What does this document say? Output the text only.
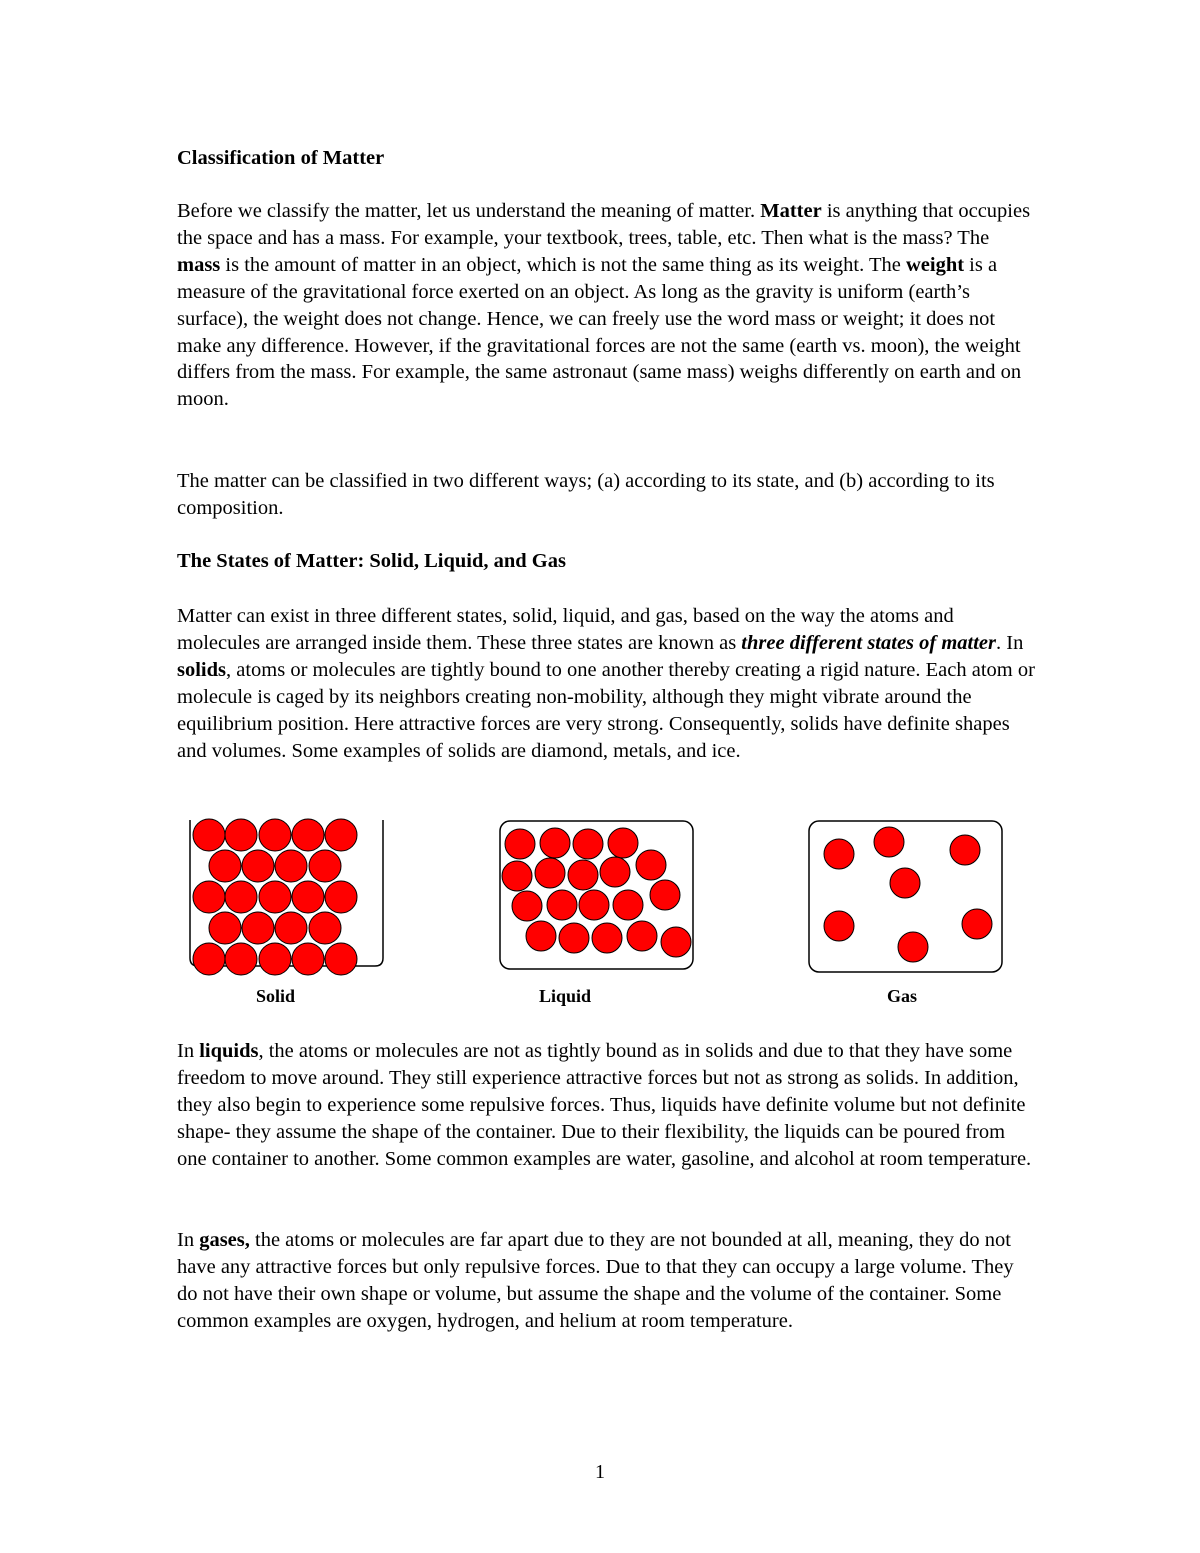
Classification of Matter

Before we classify the matter, let us understand the meaning of matter. Matter is anything that occupies the space and has a mass. For example, your textbook, trees, table, etc. Then what is the mass? The mass is the amount of matter in an object, which is not the same thing as its weight. The weight is a measure of the gravitational force exerted on an object. As long as the gravity is uniform (earth’s surface), the weight does not change. Hence, we can freely use the word mass or weight; it does not make any difference. However, if the gravitational forces are not the same (earth vs. moon), the weight differs from the mass. For example, the same astronaut (same mass) weighs differently on earth and on moon.

The matter can be classified in two different ways; (a) according to its state, and (b) according to its composition.
The States of Matter: Solid, Liquid, and Gas

Matter can exist in three different states, solid, liquid, and gas, based on the way the atoms and molecules are arranged inside them. These three states are known as three different states of matter. In solids, atoms or molecules are tightly bound to one another thereby creating a rigid nature. Each atom or molecule is caged by its neighbors creating non-mobility, although they might vibrate around the equilibrium position. Here attractive forces are very strong. Consequently, solids have definite shapes and volumes. Some examples of solids are diamond, metals, and ice.

Solid	Liquid	Gas

In liquids, the atoms or molecules are not as tightly bound as in solids and due to that they have some freedom to move around. They still experience attractive forces but not as strong as solids. In addition, they also begin to experience some repulsive forces. Thus, liquids have definite volume but not definite shape- they assume the shape of the container. Due to their flexibility, the liquids can be poured from one container to another. Some common examples are water, gasoline, and alcohol at room temperature.

In gases, the atoms or molecules are far apart due to they are not bounded at all, meaning, they do not have any attractive forces but only repulsive forces. Due to that they can occupy a large volume. They do not have their own shape or volume, but assume the shape and the volume of the container. Some common examples are oxygen, hydrogen, and helium at room temperature.

1
